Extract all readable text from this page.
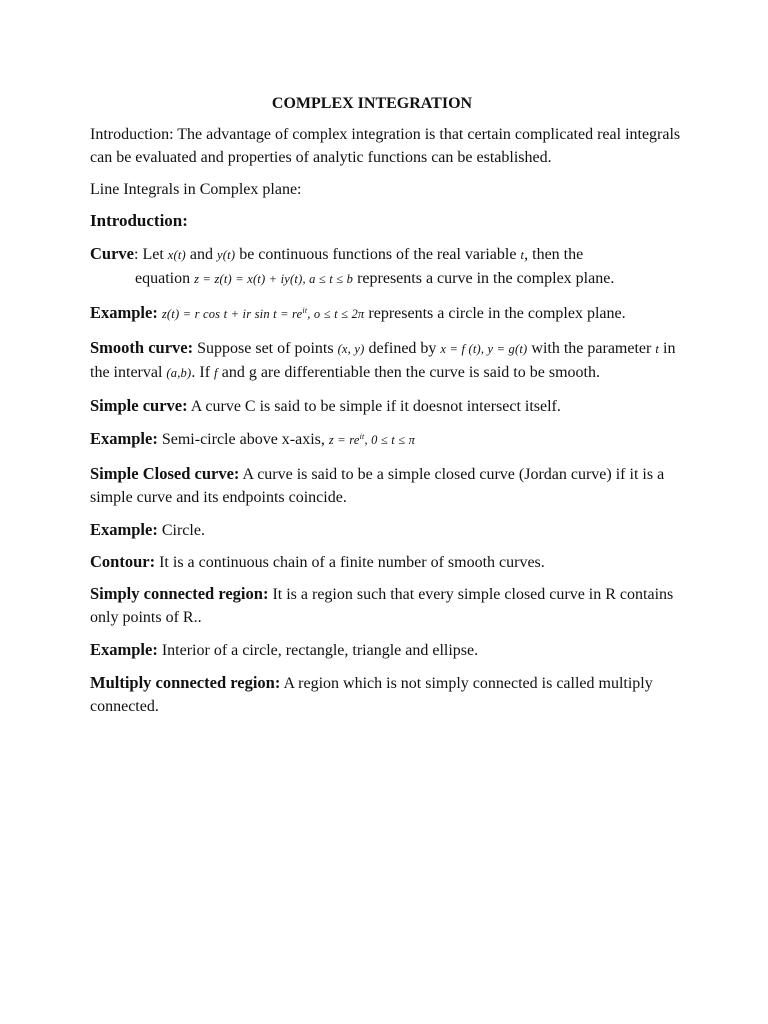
COMPLEX INTEGRATION

Introduction: The advantage of complex integration is that certain complicated real integrals can be evaluated and properties of analytic functions can be established.

Line Integrals in Complex plane:

Introduction:

Curve: Let x(t) and y(t) be continuous functions of the real variable t, then the
equation z = z(t) = x(t) + iy(t), a ≤ t ≤ b represents a curve in the complex plane.

Example: z(t) = r cos t + ir $\sin t = re^{it}$, o ≤ t ≤ 2π represents a circle in the complex plane.

Smooth curve: Suppose set of points (x, y) defined by x = f (t), y = g(t) with the parameter t in the interval (a,b). If f and g are differentiable then the curve is said to be smooth.

Simple curve: A curve C is said to be simple if it doesnot intersect itself.

Example: Semi-circle above x-axis, $z = re^{it}$, 0 ≤ t ≤ π

Simple Closed curve: A curve is said to be a simple closed curve (Jordan curve) if it is a simple curve and its endpoints coincide.

Example: Circle.

Contour: It is a continuous chain of a finite number of smooth curves.

Simply connected region: It is a region such that every simple closed curve in R contains only points of R..

Example: Interior of a circle, rectangle, triangle and ellipse.

Multiply connected region: A region which is not simply connected is called multiply connected.
